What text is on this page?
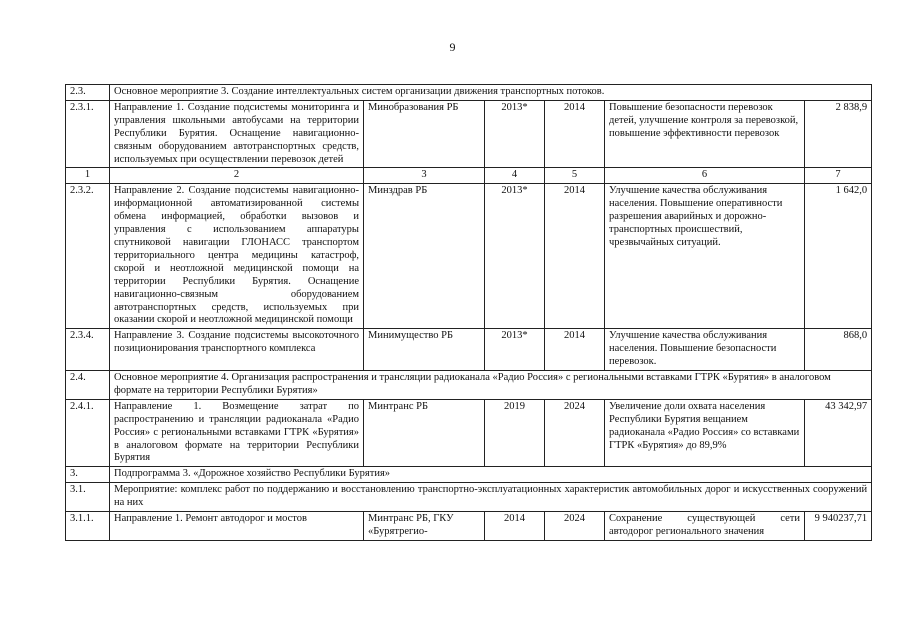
9
2.3.	Основное мероприятие 3. Создание интеллектуальных систем организации движения транспортных потоков.					
2.3.1.	Направление 1. Создание подсистемы мониторинга и управления школьными автобусами на территории Республики Бурятия. Оснащение навигационно-связным оборудованием автотранспортных средств, используемых при осуществлении перевозок детей	Минобразования РБ	2013*	2014	Повышение безопасности перевозок детей, улучшение контроля за перевозкой, повышение эффективности перевозок	2 838,9
1	2	3	4	5	6	7
2.3.2.	Направление 2. Создание подсистемы навигационно-информационной автоматизированной системы обмена информацией, обработки вызовов и управления с использованием аппаратуры спутниковой навигации ГЛОНАСС транспортом территориального центра медицины катастроф, скорой и неотложной медицинской помощи на территории Республики Бурятия. Оснащение навигационно-связным оборудованием автотранспортных средств, используемых при оказании скорой и неотложной медицинской помощи	Минздрав РБ	2013*	2014	Улучшение качества обслуживания населения. Повышение оперативности разрешения аварийных и дорожно-транспортных происшествий, чрезвычайных ситуаций.	1 642,0
2.3.4.	Направление 3. Создание подсистемы высокоточного позиционирования транспортного комплекса	Минимущество РБ	2013*	2014	Улучшение качества обслуживания населения. Повышение безопасности перевозок.	868,0
2.4.	Основное мероприятие 4. Организация распространения и трансляции радиоканала «Радио Россия» с региональными вставками ГТРК «Бурятия» в аналоговом формате на территории Республики Бурятия»					
2.4.1.	Направление 1. Возмещение затрат по распространению и трансляции радиоканала «Радио Россия» с региональными вставками ГТРК «Бурятия» в аналоговом формате на территории Республики Бурятия	Минтранс РБ	2019	2024	Увеличение доли охвата населения Республики Бурятия вещанием радиоканала «Радио Россия» со вставками ГТРК «Бурятия» до 89,9%	43 342,97
3.	Подпрограмма 3. «Дорожное хозяйство Республики Бурятия»					
3.1.	Мероприятие: комплекс работ по поддержанию и восстановлению транспортно-эксплуатационных характеристик автомобильных дорог и искусственных сооружений на них					
3.1.1.	Направление 1. Ремонт автодорог и мостов	Минтранс РБ, ГКУ «Бурятрегио-	2014	2024	Сохранение существующей сети автодорог регионального значения	9 940237,71
